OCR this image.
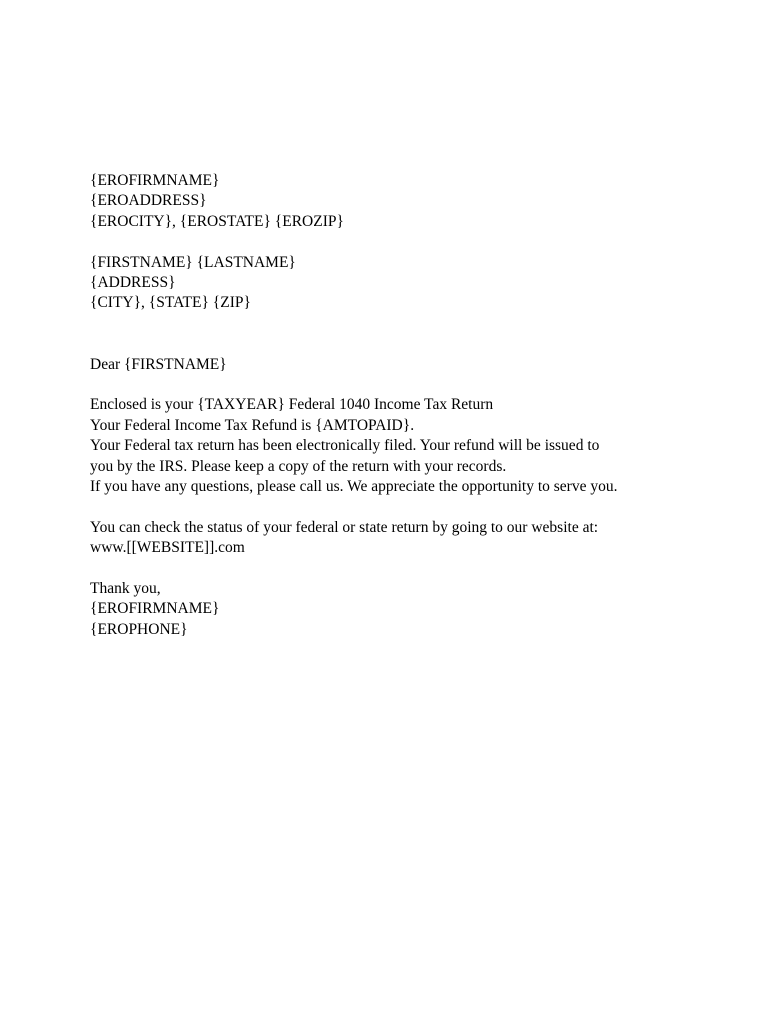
{EROFIRMNAME}
{EROADDRESS}
{EROCITY}, {EROSTATE} {EROZIP}
{FIRSTNAME} {LASTNAME}
{ADDRESS}
{CITY}, {STATE} {ZIP}
Dear {FIRSTNAME}
Enclosed is your {TAXYEAR} Federal 1040 Income Tax Return
Your Federal Income Tax Refund is {AMTOPAID}.
Your Federal tax return has been electronically filed. Your refund will be issued to
you by the IRS. Please keep a copy of the return with your records.
If you have any questions, please call us. We appreciate the opportunity to serve you.
You can check the status of your federal or state return by going to our website at:
www.[[WEBSITE]].com
Thank you,
{EROFIRMNAME}
{EROPHONE}
